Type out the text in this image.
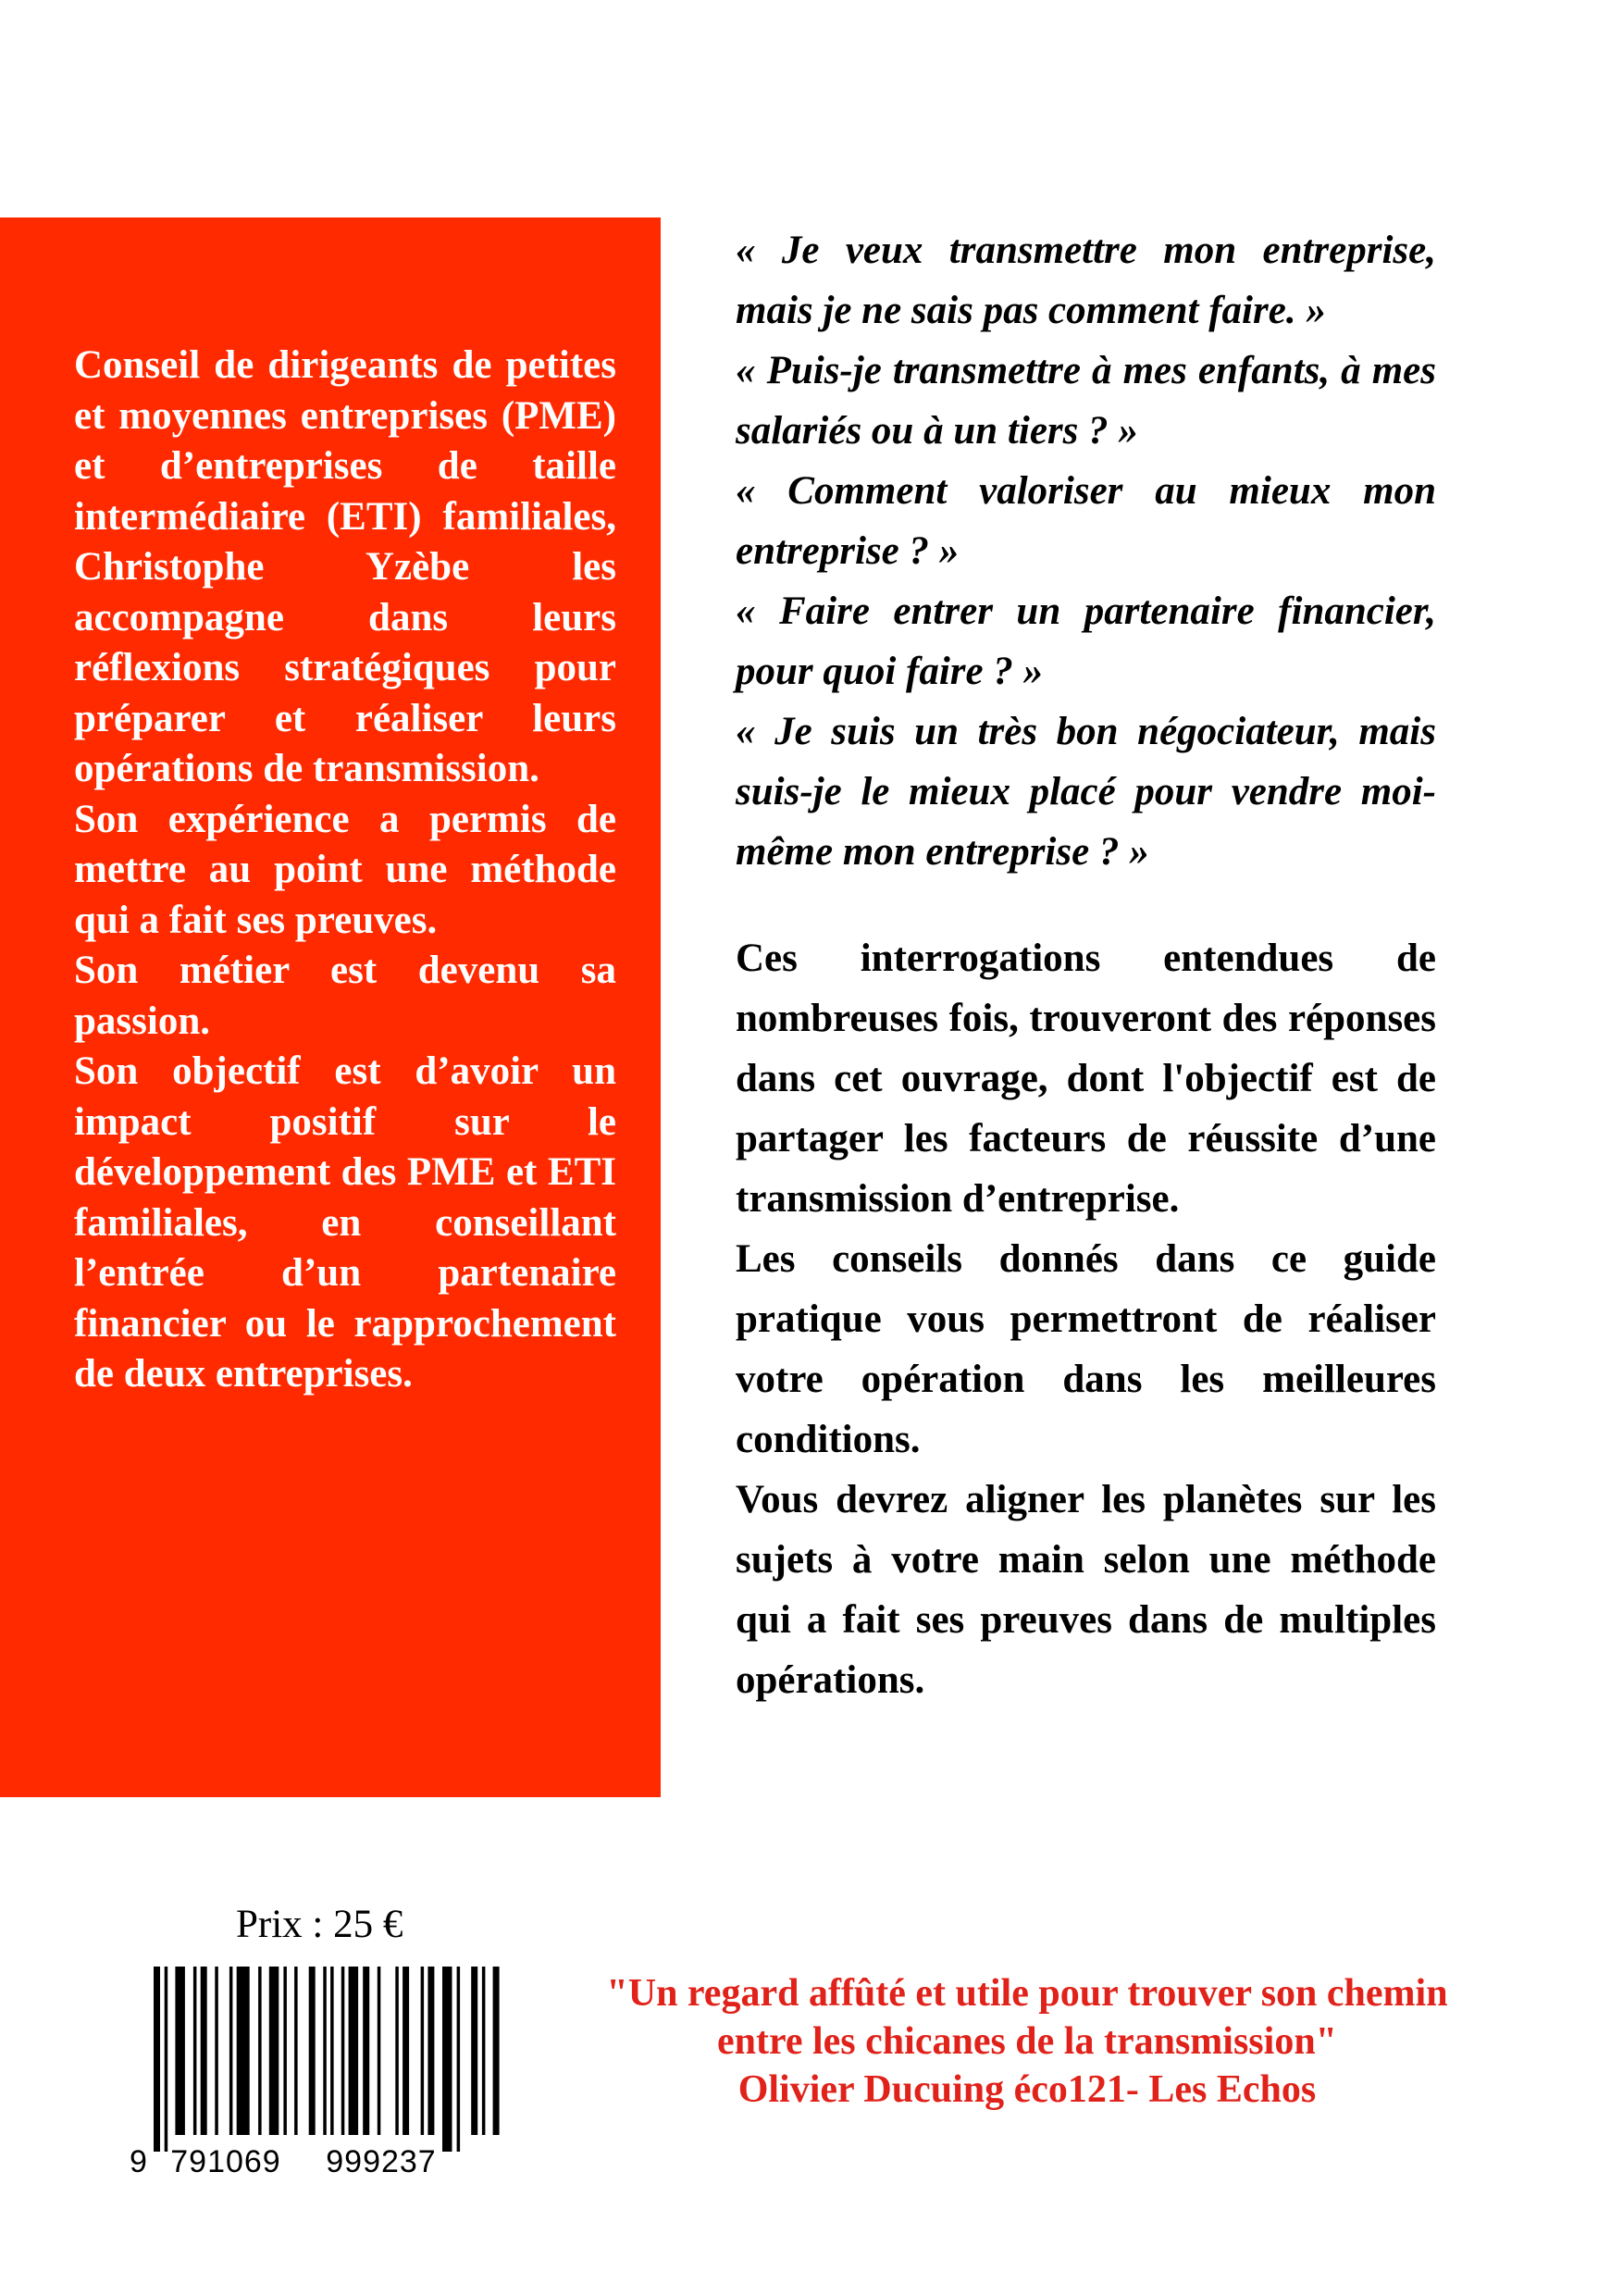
Conseil de dirigeants de petites et moyennes entreprises (PME) et d’entreprises de taille intermédiaire (ETI) familiales, Christophe Yzèbe les accompagne dans leurs réflexions stratégiques pour préparer et réaliser leurs opérations de transmission.

Son expérience a permis de mettre au point une méthode qui a fait ses preuves.

Son métier est devenu sa passion.

Son objectif est d’avoir un impact positif sur le développement des PME et ETI familiales, en conseillant l’entrée d’un partenaire financier ou le rapprochement de deux entreprises.

« Je veux transmettre mon entreprise, mais je ne sais pas comment faire. »

« Puis-je transmettre à mes enfants, à mes salariés ou à un tiers ? »

« Comment valoriser au mieux mon entreprise ? »

« Faire entrer un partenaire financier, pour quoi faire ? »

« Je suis un très bon négociateur, mais suis-je le mieux placé pour vendre moi-même mon entreprise ? »

Ces interrogations entendues de nombreuses fois, trouveront des réponses dans cet ouvrage, dont l'objectif est de partager les facteurs de réussite d’une transmission d’entreprise.

Les conseils donnés dans ce guide pratique vous permettront de réaliser votre opération dans les meilleures conditions.

Vous devrez aligner les planètes sur les sujets à votre main selon une méthode qui a fait ses preuves dans de multiples opérations.

Prix : 25 €
9 791069 999237

"Un regard affûté et utile pour trouver son chemin

entre les chicanes de la transmission"

Olivier Ducuing éco121- Les Echos
